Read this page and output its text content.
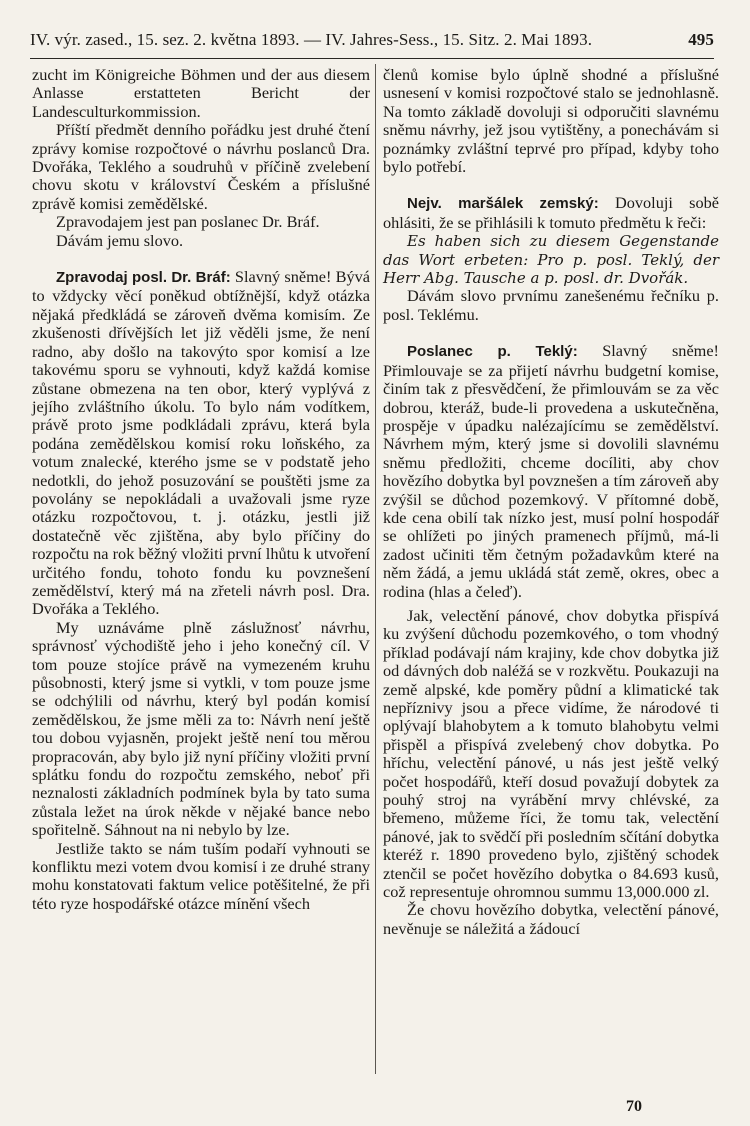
IV. výr. zased., 15. sez. 2. května 1893. — IV. Jahres-Sess., 15. Sitz. 2. Mai 1893.	495

zucht im Königreiche Böhmen und der aus diesem Anlasse erstatteten Bericht der Landesculturkommission.

Příští předmět denního pořádku jest druhé čtení zprávy komise rozpočtové o návrhu poslanců Dra. Dvořáka, Teklého a soudruhů v příčině zvelebení chovu skotu v království Českém a příslušné zprávě komisi zemědělské.

Zpravodajem jest pan poslanec Dr. Bráf.

Dávám jemu slovo.

Zpravodaj posl. Dr. Bráf: Slavný sněme! Bývá to vždycky věcí poněkud obtížnější, když otázka nějaká předkládá se zároveň dvěma komisím. Ze zkušenosti dřívějších let již věděli jsme, že není radno, aby došlo na takovýto spor komisí a lze takovému sporu se vyhnouti, když každá komise zůstane obmezena na ten obor, který vyplývá z jejího zvláštního úkolu. To bylo nám vodítkem, právě proto jsme podkládali zprávu, která byla podána zemědělskou komisí roku loňského, za votum znalecké, kterého jsme se v podstatě jeho nedotkli, do jehož posuzování se pouštěti jsme za povolány se nepokládali a uvažovali jsme ryze otázku rozpočtovou, t. j. otázku, jestli již dostatečně věc zjištěna, aby bylo příčiny do rozpočtu na rok běžný vložiti první lhůtu k utvoření určitého fondu, tohoto fondu ku povznešení zemědělství, který má na zřeteli návrh posl. Dra. Dvořáka a Teklého.

My uznáváme plně záslužnosť návrhu, správnosť východiště jeho i jeho konečný cíl. V tom pouze stojíce právě na vymezeném kruhu působnosti, který jsme si vytkli, v tom pouze jsme se odchýlili od návrhu, který byl podán komisí zemědělskou, že jsme měli za to: Návrh není ještě tou dobou vyjasněn, projekt ještě není tou měrou propracován, aby bylo již nyní příčiny vložiti první splátku fondu do rozpočtu zemského, neboť při neznalosti základních podmínek byla by tato suma zůstala ležet na úrok někde v nějaké bance nebo spořitelně. Sáhnout na ni nebylo by lze.

Jestliže takto se nám tuším podaří vyhnouti se konfliktu mezi votem dvou komisí i ze druhé strany mohu konstatovati faktum velice potěšitelné, že při této ryze hospodářské otázce mínění všech

členů komise bylo úplně shodné a příslušné usnesení v komisi rozpočtové stalo se jednohlasně. Na tomto základě dovoluji si odporučiti slavnému sněmu návrhy, jež jsou vytištěny, a ponechávám si poznámky zvláštní teprvé pro případ, kdyby toho bylo potřebí.

Nejv. maršálek zemský: Dovoluji sobě ohlásiti, že se přihlásili k tomuto předmětu k řeči:

Es haben sich zu diesem Gegenstande das Wort erbeten: Pro p. posl. Teklý, der Herr Abg. Tausche a p. posl. dr. Dvořák.

Dávám slovo prvnímu zanešenému řečníku p. posl. Teklému.

Poslanec p. Teklý: Slavný sněme! Přimlouvaje se za přijetí návrhu budgetní komise, činím tak z přesvědčení, že přimlouvám se za věc dobrou, kteráž, bude-li provedena a uskutečněna, prospěje v úpadku nalézajícímu se zemědělství. Návrhem mým, který jsme si dovolili slavnému sněmu předložiti, chceme docíliti, aby chov hovězího dobytka byl povznešen a tím zároveň aby zvýšil se důchod pozemkový. V přítomné době, kde cena obilí tak nízko jest, musí polní hospodář se ohlížeti po jiných pramenech příjmů, má-li zadost učiniti těm četným požadavkům které na něm žádá, a jemu ukládá stát země, okres, obec a rodina (hlas a čeleď).

Jak, velectění pánové, chov dobytka přispívá ku zvýšení důchodu pozemkového, o tom vhodný příklad podávají nám krajiny, kde chov dobytka již od dávných dob naléžá se v rozkvětu. Poukazuji na země alpské, kde poměry půdní a klimatické tak nepříznivy jsou a přece vidíme, že národové ti oplývají blahobytem a k tomuto blahobytu velmi přispěl a přispívá zvelebený chov dobytka. Po hříchu, velectění pánové, u nás jest ještě velký počet hospodářů, kteří dosud považují dobytek za pouhý stroj na vyrábění mrvy chlévské, za břemeno, můžeme říci, že tomu tak, velectění pánové, jak to svědčí při posledním sčítání dobytka kteréž r. 1890 provedeno bylo, zjištěný schodek ztenčil se počet hovězího dobytka o 84.693 kusů, což representuje ohromnou summu 13,000.000 zl.

Že chovu hovězího dobytka, velectění pánové, nevěnuje se náležitá a žádoucí

70
